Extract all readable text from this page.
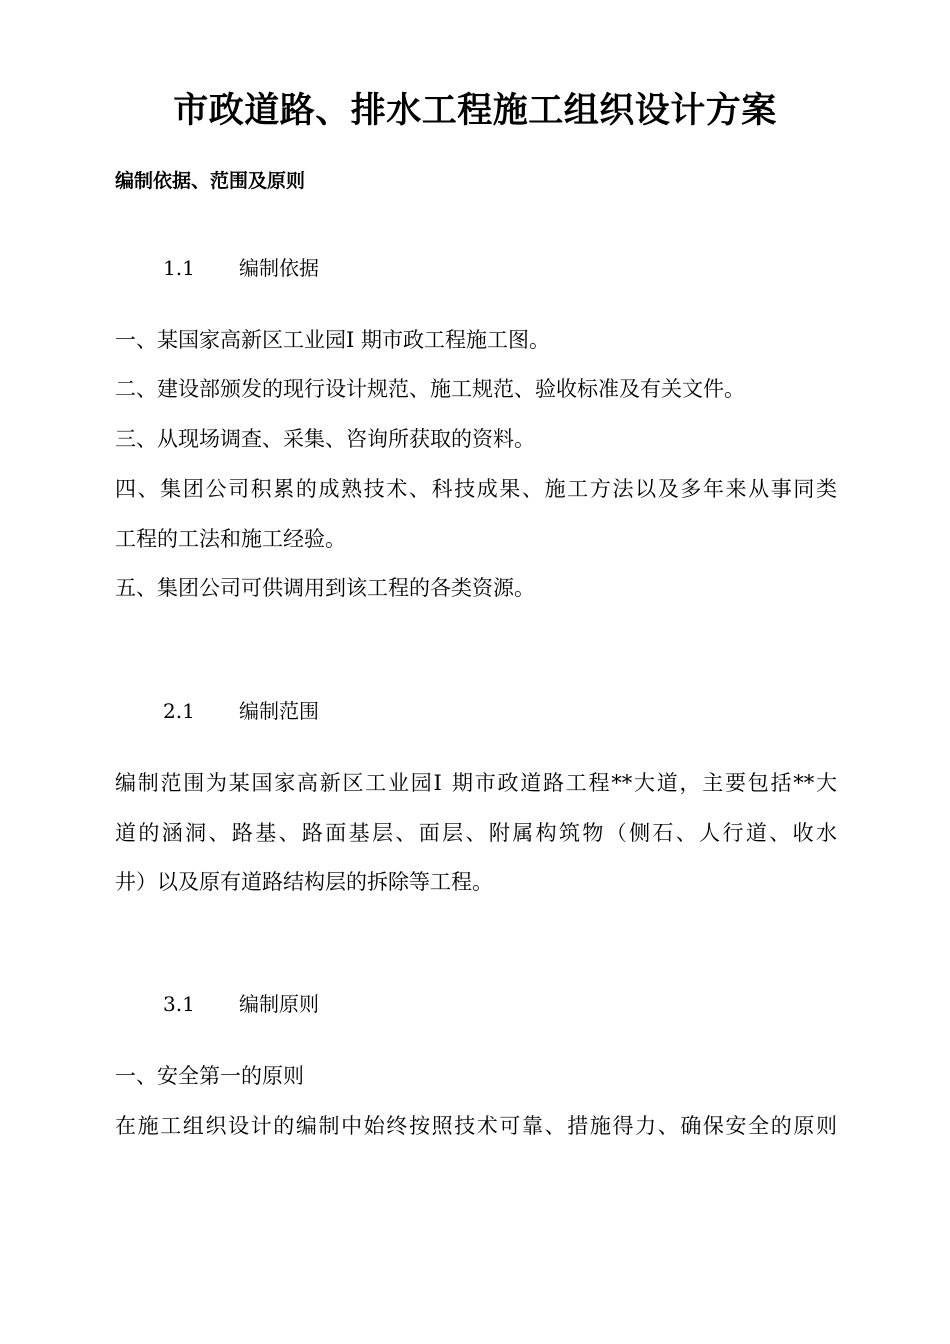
市政道路、排水工程施工组织设计方案
编制依据、范围及原则
1.1 编制依据
一、某国家高新区工业园Ⅰ 期市政工程施工图。
二、建设部颁发的现行设计规范、施工规范、验收标准及有关文件。
三、从现场调查、采集、咨询所获取的资料。
四、集团公司积累的成熟技术、科技成果、施工方法以及多年来从事同类
工程的工法和施工经验。
五、集团公司可供调用到该工程的各类资源。
2.1 编制范围
编制范围为某国家高新区工业园Ⅰ 期市政道路工程**大道，主要包括**大
道的涵洞、路基、路面基层、面层、附属构筑物（侧石、人行道、收水
井）以及原有道路结构层的拆除等工程。
3.1 编制原则
一、安全第一的原则
在施工组织设计的编制中始终按照技术可靠、措施得力、确保安全的原则
